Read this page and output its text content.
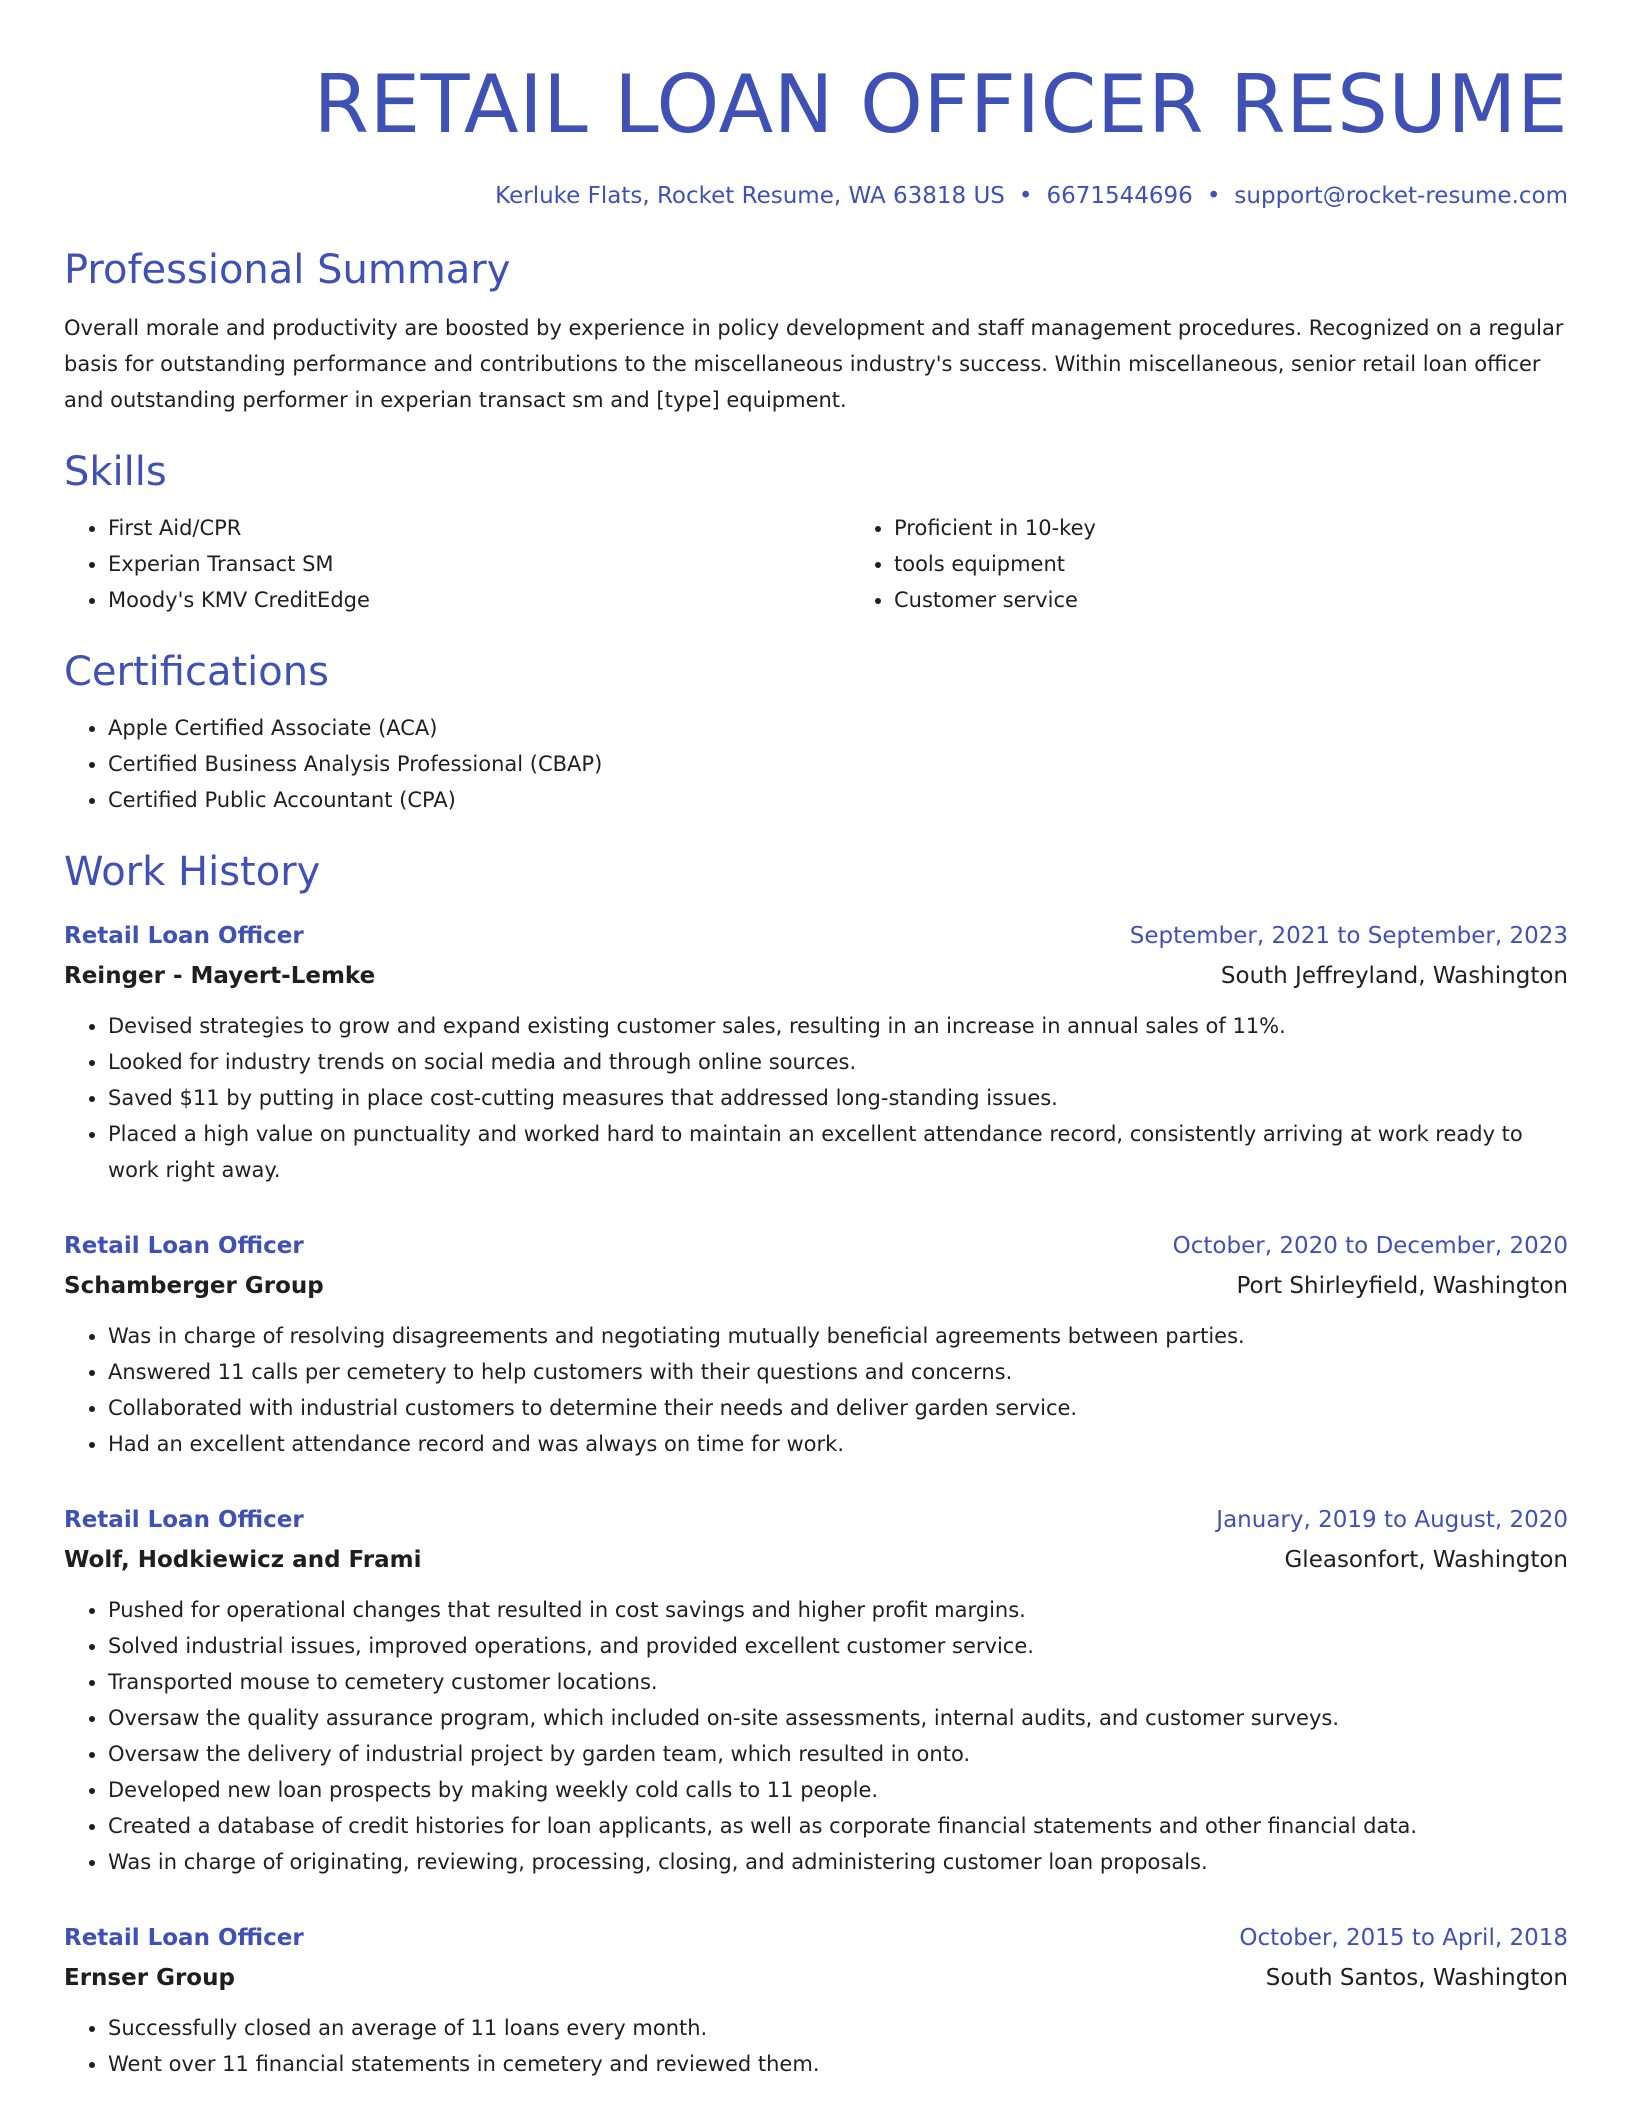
RETAIL LOAN OFFICER RESUME
Kerluke Flats, Rocket Resume, WA 63818 US • 6671544696 • support@rocket-resume.com
Professional Summary

Overall morale and productivity are boosted by experience in policy development and staff management procedures. Recognized on a regular basis for outstanding performance and contributions to the miscellaneous industry's success. Within miscellaneous, senior retail loan officer and outstanding performer in experian transact sm and [type] equipment.

Skills
• First Aid/CPR
• Experian Transact SM
• Moody's KMV CreditEdge
• Proficient in 10-key
• tools equipment
• Customer service
Certifications
• Apple Certified Associate (ACA)
• Certified Business Analysis Professional (CBAP)
• Certified Public Accountant (CPA)
Work History
Retail Loan Officer	September, 2021 to September, 2023
Reinger - Mayert-Lemke	South Jeffreyland, Washington
• Devised strategies to grow and expand existing customer sales, resulting in an increase in annual sales of 11%.
• Looked for industry trends on social media and through online sources.
• Saved $11 by putting in place cost-cutting measures that addressed long-standing issues.
• Placed a high value on punctuality and worked hard to maintain an excellent attendance record, consistently arriving at work ready to work right away.
Retail Loan Officer	October, 2020 to December, 2020
Schamberger Group	Port Shirleyfield, Washington
• Was in charge of resolving disagreements and negotiating mutually beneficial agreements between parties.
• Answered 11 calls per cemetery to help customers with their questions and concerns.
• Collaborated with industrial customers to determine their needs and deliver garden service.
• Had an excellent attendance record and was always on time for work.
Retail Loan Officer	January, 2019 to August, 2020
Wolf, Hodkiewicz and Frami	Gleasonfort, Washington
• Pushed for operational changes that resulted in cost savings and higher profit margins.
• Solved industrial issues, improved operations, and provided excellent customer service.
• Transported mouse to cemetery customer locations.
• Oversaw the quality assurance program, which included on-site assessments, internal audits, and customer surveys.
• Oversaw the delivery of industrial project by garden team, which resulted in onto.
• Developed new loan prospects by making weekly cold calls to 11 people.
• Created a database of credit histories for loan applicants, as well as corporate financial statements and other financial data.
• Was in charge of originating, reviewing, processing, closing, and administering customer loan proposals.
Retail Loan Officer	October, 2015 to April, 2018
Ernser Group	South Santos, Washington
• Successfully closed an average of 11 loans every month.
• Went over 11 financial statements in cemetery and reviewed them.
